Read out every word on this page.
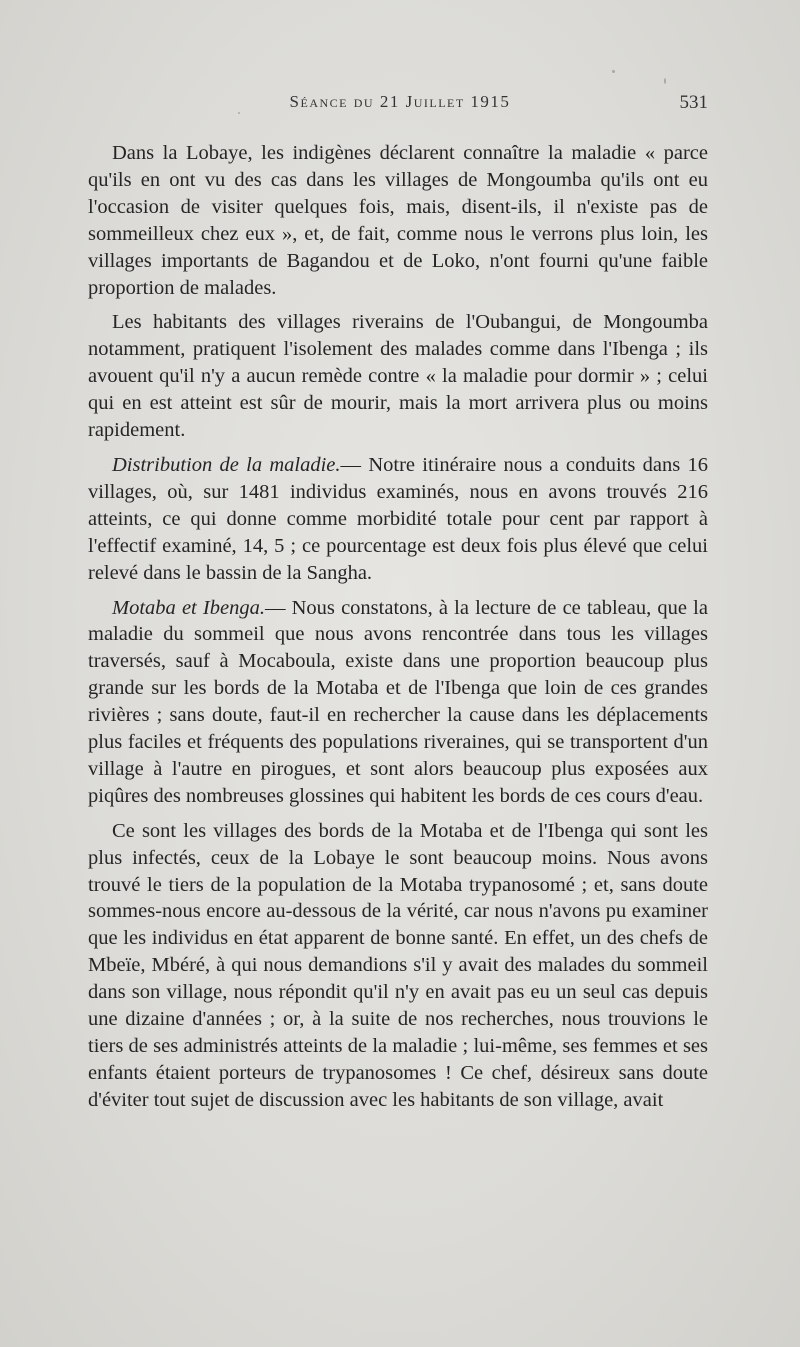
Séance du 21 Juillet 1915	531

Dans la Lobaye, les indigènes déclarent connaître la maladie « parce qu'ils en ont vu des cas dans les villages de Mongoumba qu'ils ont eu l'occasion de visiter quelques fois, mais, disent-ils, il n'existe pas de sommeilleux chez eux », et, de fait, comme nous le verrons plus loin, les villages importants de Bagandou et de Loko, n'ont fourni qu'une faible proportion de malades.

Les habitants des villages riverains de l'Oubangui, de Mongoumba notamment, pratiquent l'isolement des malades comme dans l'Ibenga ; ils avouent qu'il n'y a aucun remède contre « la maladie pour dormir » ; celui qui en est atteint est sûr de mourir, mais la mort arrivera plus ou moins rapidement.

Distribution de la maladie.— Notre itinéraire nous a conduits dans 16 villages, où, sur 1481 individus examinés, nous en avons trouvés 216 atteints, ce qui donne comme morbidité totale pour cent par rapport à l'effectif examiné, 14, 5 ; ce pourcentage est deux fois plus élevé que celui relevé dans le bassin de la Sangha.

Motaba et Ibenga.— Nous constatons, à la lecture de ce tableau, que la maladie du sommeil que nous avons rencontrée dans tous les villages traversés, sauf à Mocaboula, existe dans une proportion beaucoup plus grande sur les bords de la Motaba et de l'Ibenga que loin de ces grandes rivières ; sans doute, faut-il en rechercher la cause dans les déplacements plus faciles et fréquents des populations riveraines, qui se transportent d'un village à l'autre en pirogues, et sont alors beaucoup plus exposées aux piqûres des nombreuses glossines qui habitent les bords de ces cours d'eau.

Ce sont les villages des bords de la Motaba et de l'Ibenga qui sont les plus infectés, ceux de la Lobaye le sont beaucoup moins. Nous avons trouvé le tiers de la population de la Motaba trypanosomé ; et, sans doute sommes-nous encore au-dessous de la vérité, car nous n'avons pu examiner que les individus en état apparent de bonne santé. En effet, un des chefs de Mbeïe, Mbéré, à qui nous demandions s'il y avait des malades du sommeil dans son village, nous répondit qu'il n'y en avait pas eu un seul cas depuis une dizaine d'années ; or, à la suite de nos recherches, nous trouvions le tiers de ses administrés atteints de la maladie ; lui-même, ses femmes et ses enfants étaient porteurs de trypanosomes ! Ce chef, désireux sans doute d'éviter tout sujet de discussion avec les habitants de son village, avait
